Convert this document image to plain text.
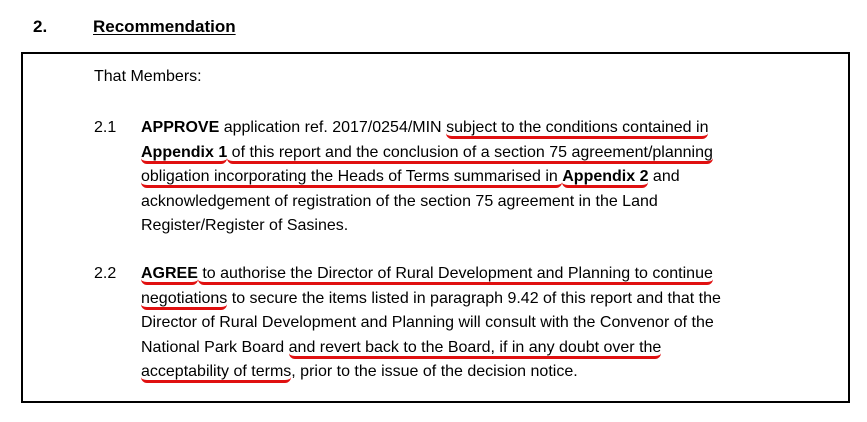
2.	Recommendation
That Members:
2.1 APPROVE application ref. 2017/0254/MIN subject to the conditions contained in
Appendix 1 of this report and the conclusion of a section 75 agreement/planning
obligation incorporating the Heads of Terms summarised in Appendix 2 and
acknowledgement of registration of the section 75 agreement in the Land
Register/Register of Sasines.
2.2 AGREE to authorise the Director of Rural Development and Planning to continue
negotiations to secure the items listed in paragraph 9.42 of this report and that the
Director of Rural Development and Planning will consult with the Convenor of the
National Park Board and revert back to the Board, if in any doubt over the
acceptability of terms, prior to the issue of the decision notice.
